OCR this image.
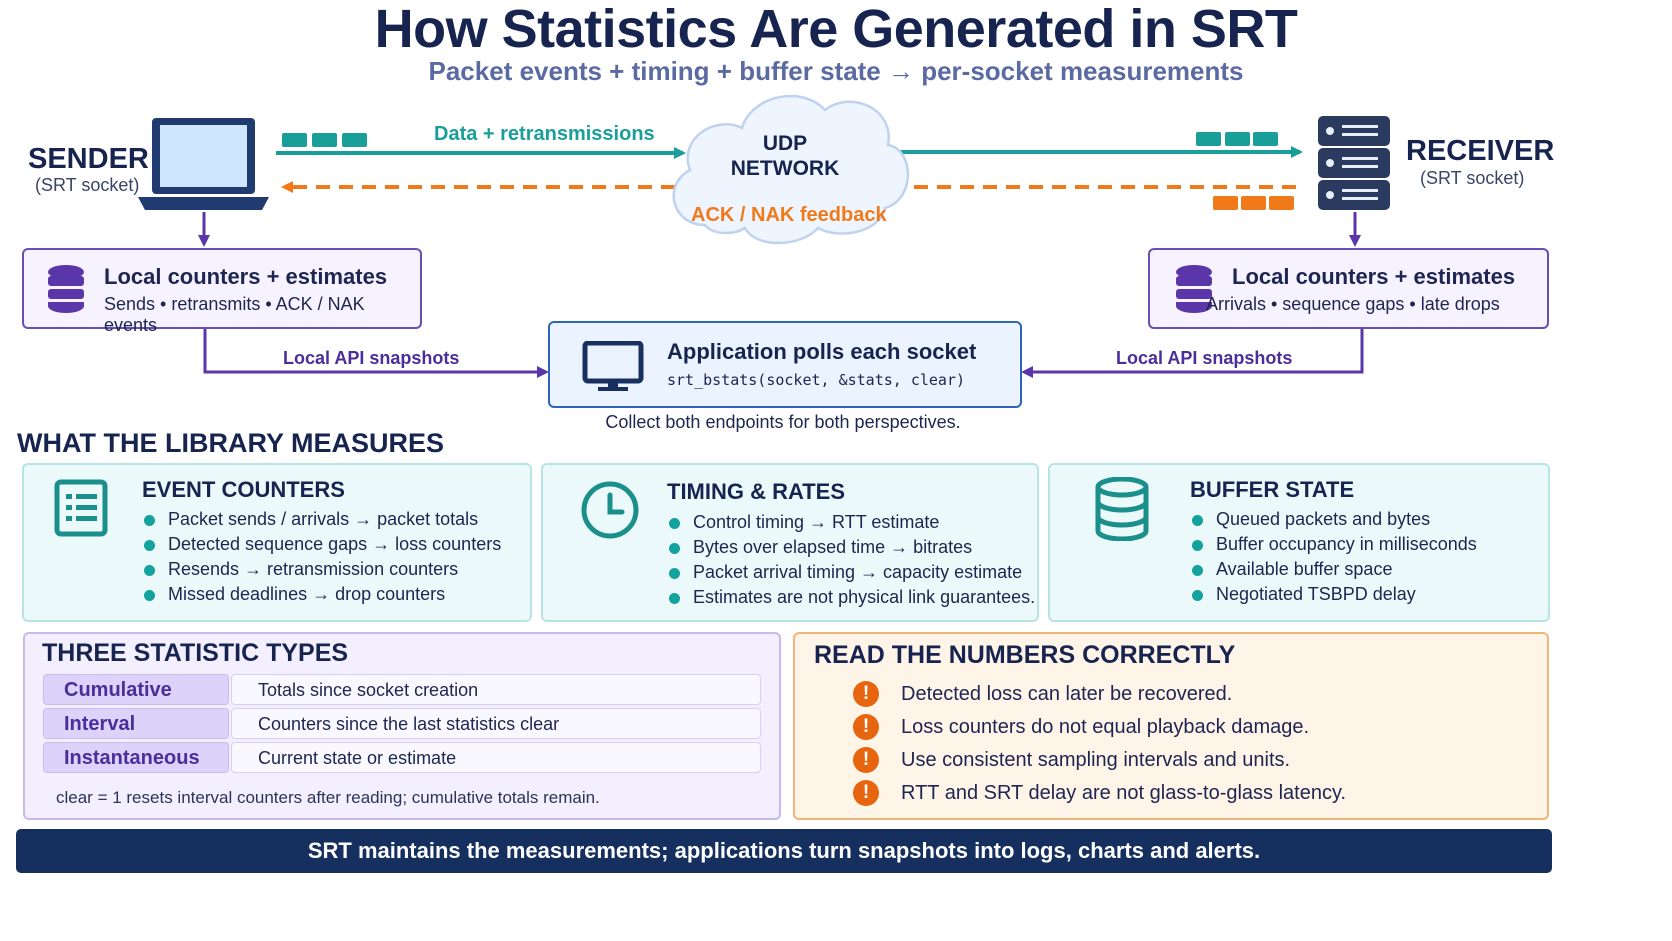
How Statistics Are Generated in SRT
Packet events + timing + buffer state → per-socket measurements
SENDER
(SRT socket)
RECEIVER
(SRT socket)
UDP
NETWORK
Data + retransmissions
ACK / NAK feedback
Local counters + estimates
Sends • retransmits • ACK / NAK events
Local counters + estimates
Arrivals • sequence gaps • late drops
Local API snapshots	Local API snapshots
Application polls each socket
srt_bstats(socket, &stats, clear)
Collect both endpoints for both perspectives.
WHAT THE LIBRARY MEASURES
EVENT COUNTERS
Packet sends / arrivals → packet totals
Detected sequence gaps → loss counters
Resends → retransmission counters
Missed deadlines → drop counters
TIMING & RATES
Control timing → RTT estimate
Bytes over elapsed time → bitrates
Packet arrival timing → capacity estimate
Estimates are not physical link guarantees.
BUFFER STATE
Queued packets and bytes
Buffer occupancy in milliseconds
Available buffer space
Negotiated TSBPD delay
THREE STATISTIC TYPES
Cumulative	Totals since socket creation
Interval	Counters since the last statistics clear
Instantaneous	Current state or estimate
clear = 1 resets interval counters after reading; cumulative totals remain.
READ THE NUMBERS CORRECTLY
!	Detected loss can later be recovered.
!	Loss counters do not equal playback damage.
!	Use consistent sampling intervals and units.
!	RTT and SRT delay are not glass-to-glass latency.
SRT maintains the measurements; applications turn snapshots into logs, charts and alerts.
